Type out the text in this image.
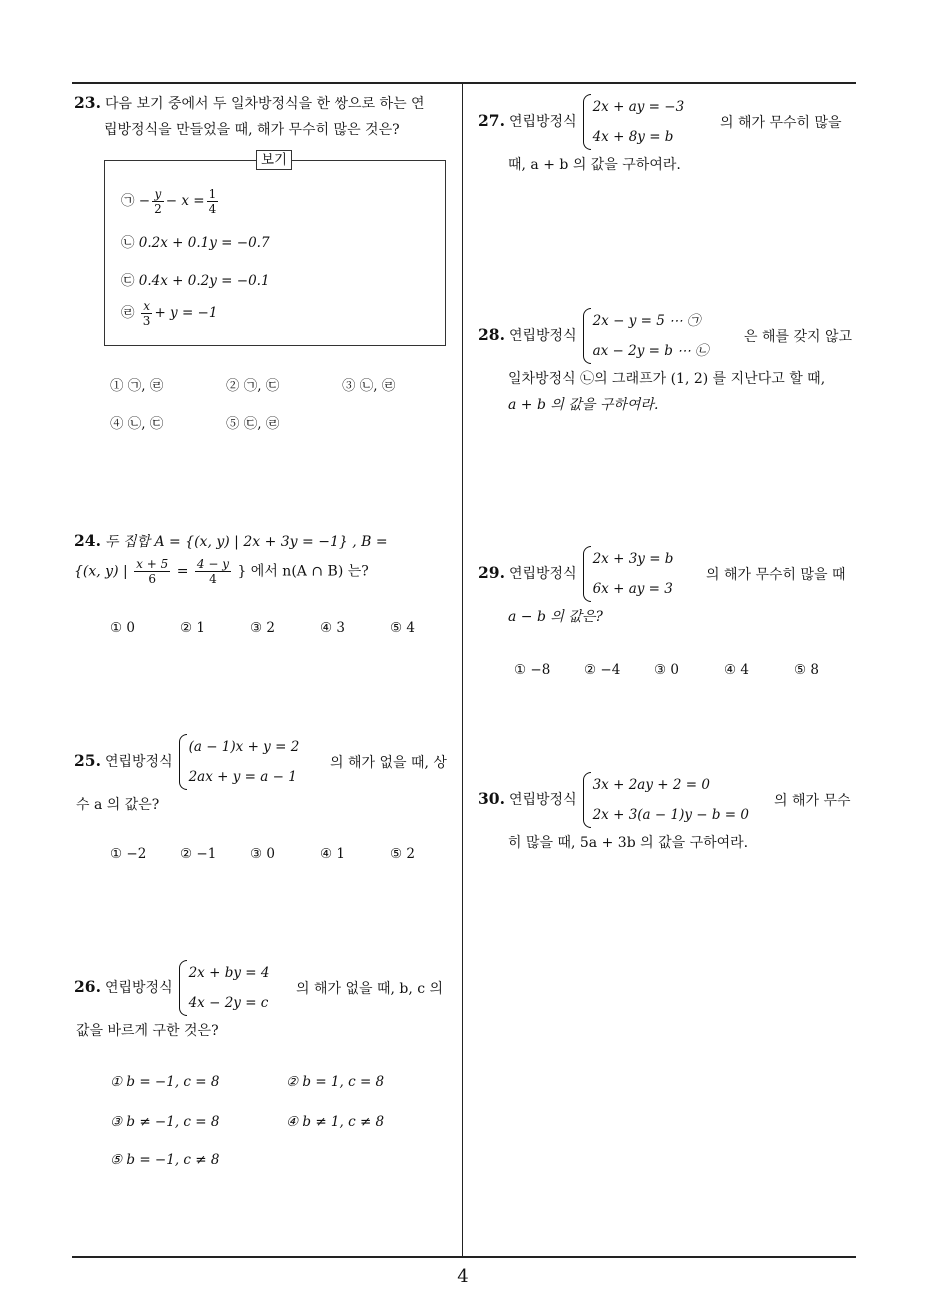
23. 다음 보기 중에서 두 일차방정식을 한 쌍으로 하는 연
립방정식을 만들었을 때, 해가 무수히 많은 것은?
㉠ − $\frac{y}{2} - x = \frac{1}{4}$
㉡ 0.2x + 0.1y = −0.7
㉢ 0.4x + 0.2y = −0.1
㉣ $\frac{x}{3} + y = -1$
보기
① ㉠, ㉣	② ㉠, ㉢	③ ㉡, ㉣
④ ㉡, ㉢	⑤ ㉢, ㉣
24. 두 집합 A = {(x, y) | 2x + 3y = −1} , B =
{(x, y) | $\frac{x + 5}{6} = \frac{4 - y}{4}$ } 에서 n(A ∩ B) 는?
① 0	② 1	③ 2	④ 3	⑤ 4
25. 연립방정식
(a − 1)x + y = 2
2ax + y = a − 1
의 해가 없을 때, 상
수 a 의 값은?
① −2 ② −1 ③ 0	④ 1	⑤ 2
26. 연립방정식
2x + by = 4
4x − 2y = c
의 해가 없을 때, b, c 의
값을 바르게 구한 것은?
① b = −1, c = 8	② b = 1, c = 8
③ b ≠ −1, c = 8	④ b ≠ 1, c ≠ 8
⑤ b = −1, c ≠ 8
27. 연립방정식
2x + ay = −3
4x + 8y = b
의 해가 무수히 많을
때, a + b 의 값을 구하여라.
28. 연립방정식
2x − y = 5 ⋯ ㉠
ax − 2y = b ⋯ ㉡
은 해를 갖지 않고
일차방정식 ㉡의 그래프가 (1, 2) 를 지난다고 할 때,
a + b 의 값을 구하여라.
29. 연립방정식
2x + 3y = b
6x + ay = 3
의 해가 무수히 많을 때
a − b 의 값은?
① −8 ② −4 ③ 0	④ 4	⑤ 8
30. 연립방정식
3x + 2ay + 2 = 0
2x + 3(a − 1)y − b = 0
의 해가 무수
히 많을 때, 5a + 3b 의 값을 구하여라.
4
